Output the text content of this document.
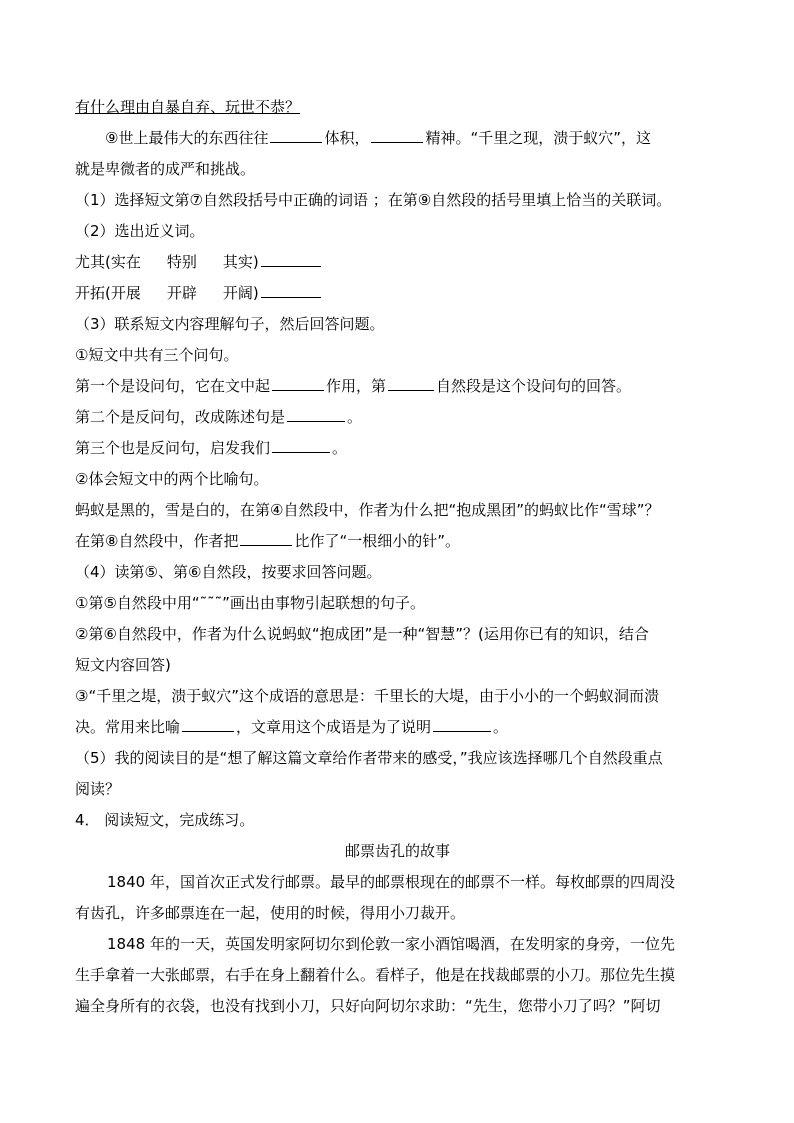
有什么理由自暴自弃、玩世不恭？
⑨世上最伟大的东西往往	体积，	精神。“千里之现，溃于蚁穴”，这
就是卑微者的成严和挑战。
（1）选择短文第⑦自然段括号中正确的词语 ；在第⑨自然段的括号里填上恰当的关联词。
（2）选出近义词。
尤其(实在 特别 其实)
开拓(开展 开辟 开阔)
（3）联系短文内容理解句子，然后回答问题。
①短文中共有三个问句。
第一个是设问句，它在文中起	作用，第	自然段是这个设问句的回答。
第二个是反问句，改成陈述句是	。
第三个也是反问句，启发我们	。
②体会短文中的两个比喻句。
蚂蚁是黑的，雪是白的，在第④自然段中，作者为什么把“抱成黑团”的蚂蚁比作“雪球”？
在第⑧自然段中，作者把	比作了“一根细小的针”。
（4）读第⑤、第⑥自然段，按要求回答问题。
①第⑤自然段中用“˜˜˜”画出由事物引起联想的句子。
②第⑥自然段中，作者为什么说蚂蚁“抱成团”是一种“智慧”？(运用你已有的知识，结合
短文内容回答)
③“千里之堤，溃于蚁穴”这个成语的意思是：千里长的大堤，由于小小的一个蚂蚁洞而溃
决。常用来比喻	，文章用这个成语是为了说明	。
（5）我的阅读目的是“想了解这篇文章给作者带来的感受，”我应该选择哪几个自然段重点
阅读？
4． 阅读短文，完成练习。
邮票齿孔的故事
1840 年，国首次正式发行邮票。最早的邮票根现在的邮票不一样。每枚邮票的四周没
有齿孔，许多邮票连在一起，使用的时候，得用小刀裁开。
1848 年的一天，英国发明家阿切尔到伦敦一家小酒馆喝酒，在发明家的身旁，一位先
生手拿着一大张邮票，右手在身上翻着什么。看样子，他是在找裁邮票的小刀。那位先生摸
遍全身所有的衣袋，也没有找到小刀，只好向阿切尔求助：“先生，您带小刀了吗？”阿切
